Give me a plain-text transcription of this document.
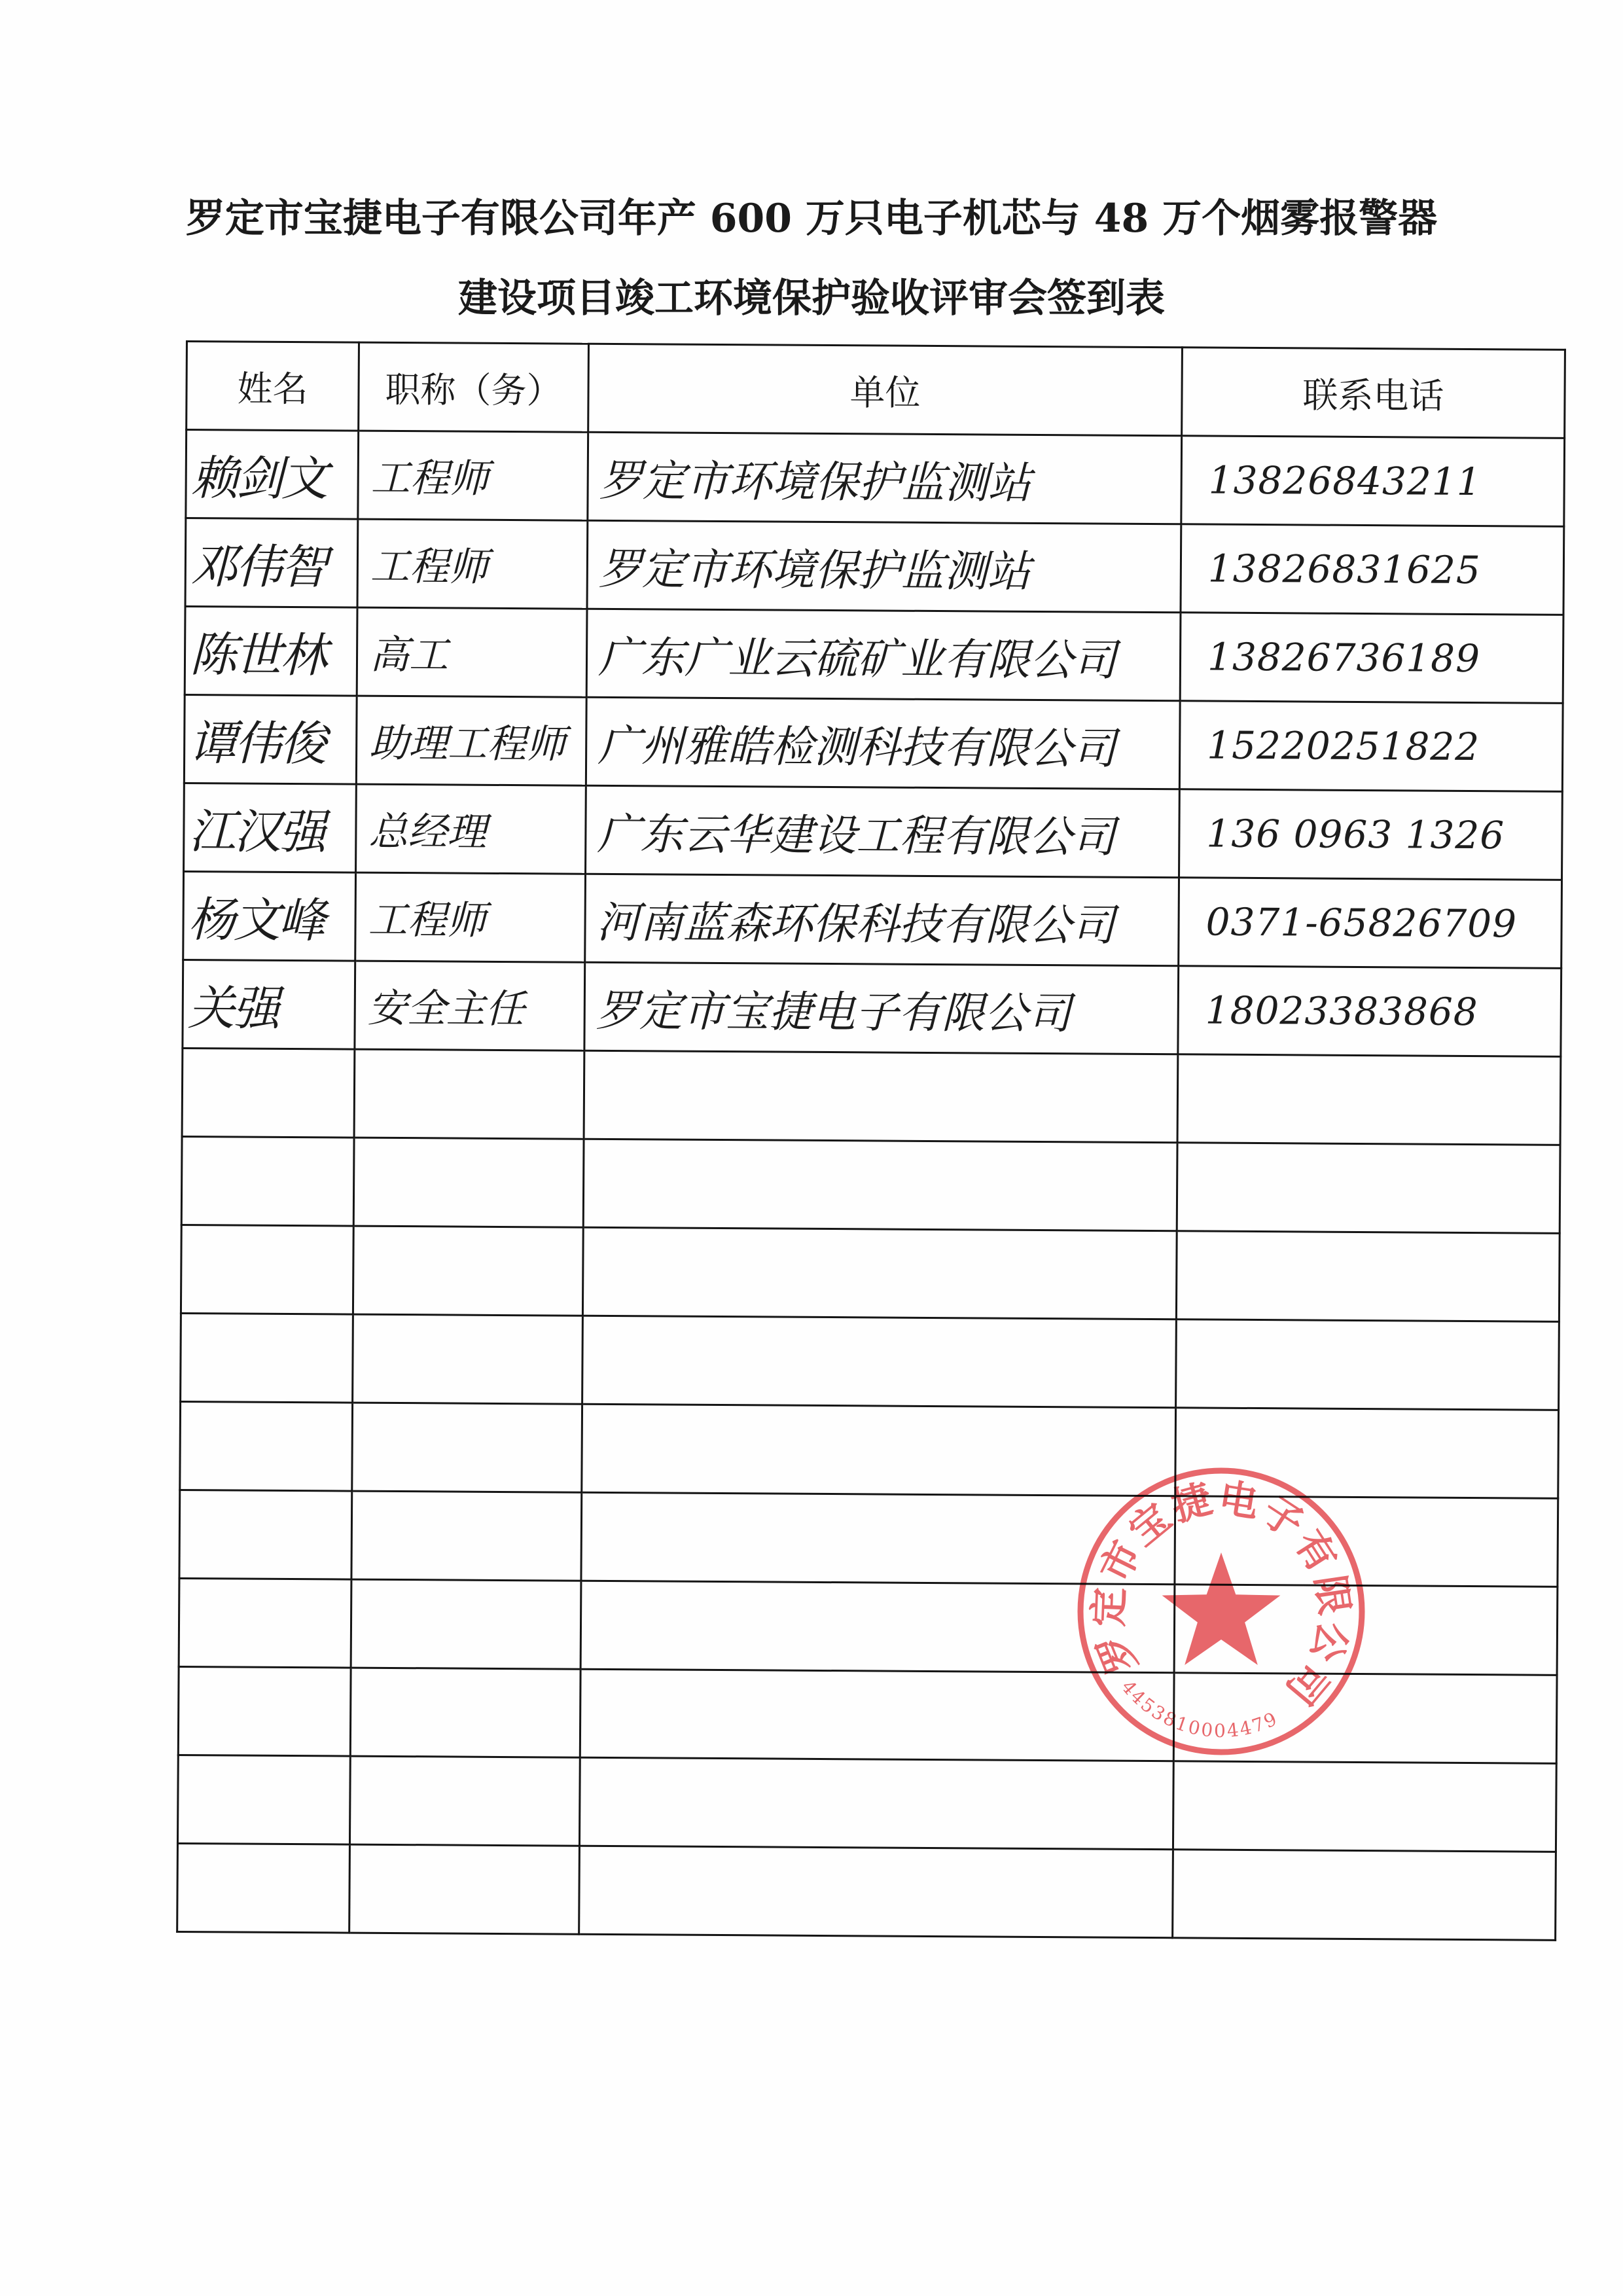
罗定市宝捷电子有限公司年产 600 万只电子机芯与 48 万个烟雾报警器
建设项目竣工环境保护验收评审会签到表
姓名	职称（务）	单位	联系电话
赖剑文	工程师	罗定市环境保护监测站	13826843211
邓伟智	工程师	罗定市环境保护监测站	13826831625
陈世林	高工	广东广业云硫矿业有限公司	13826736189
谭伟俊	助理工程师	广州雅皓检测科技有限公司	15220251822
江汉强	总经理	广东云华建设工程有限公司	136 0963 1326
杨文峰	工程师	河南蓝森环保科技有限公司	0371-65826709
关强	安全主任	罗定市宝捷电子有限公司	18023383868

罗
定
市
宝
捷
电
子
有
限
公
司
4453810004479
